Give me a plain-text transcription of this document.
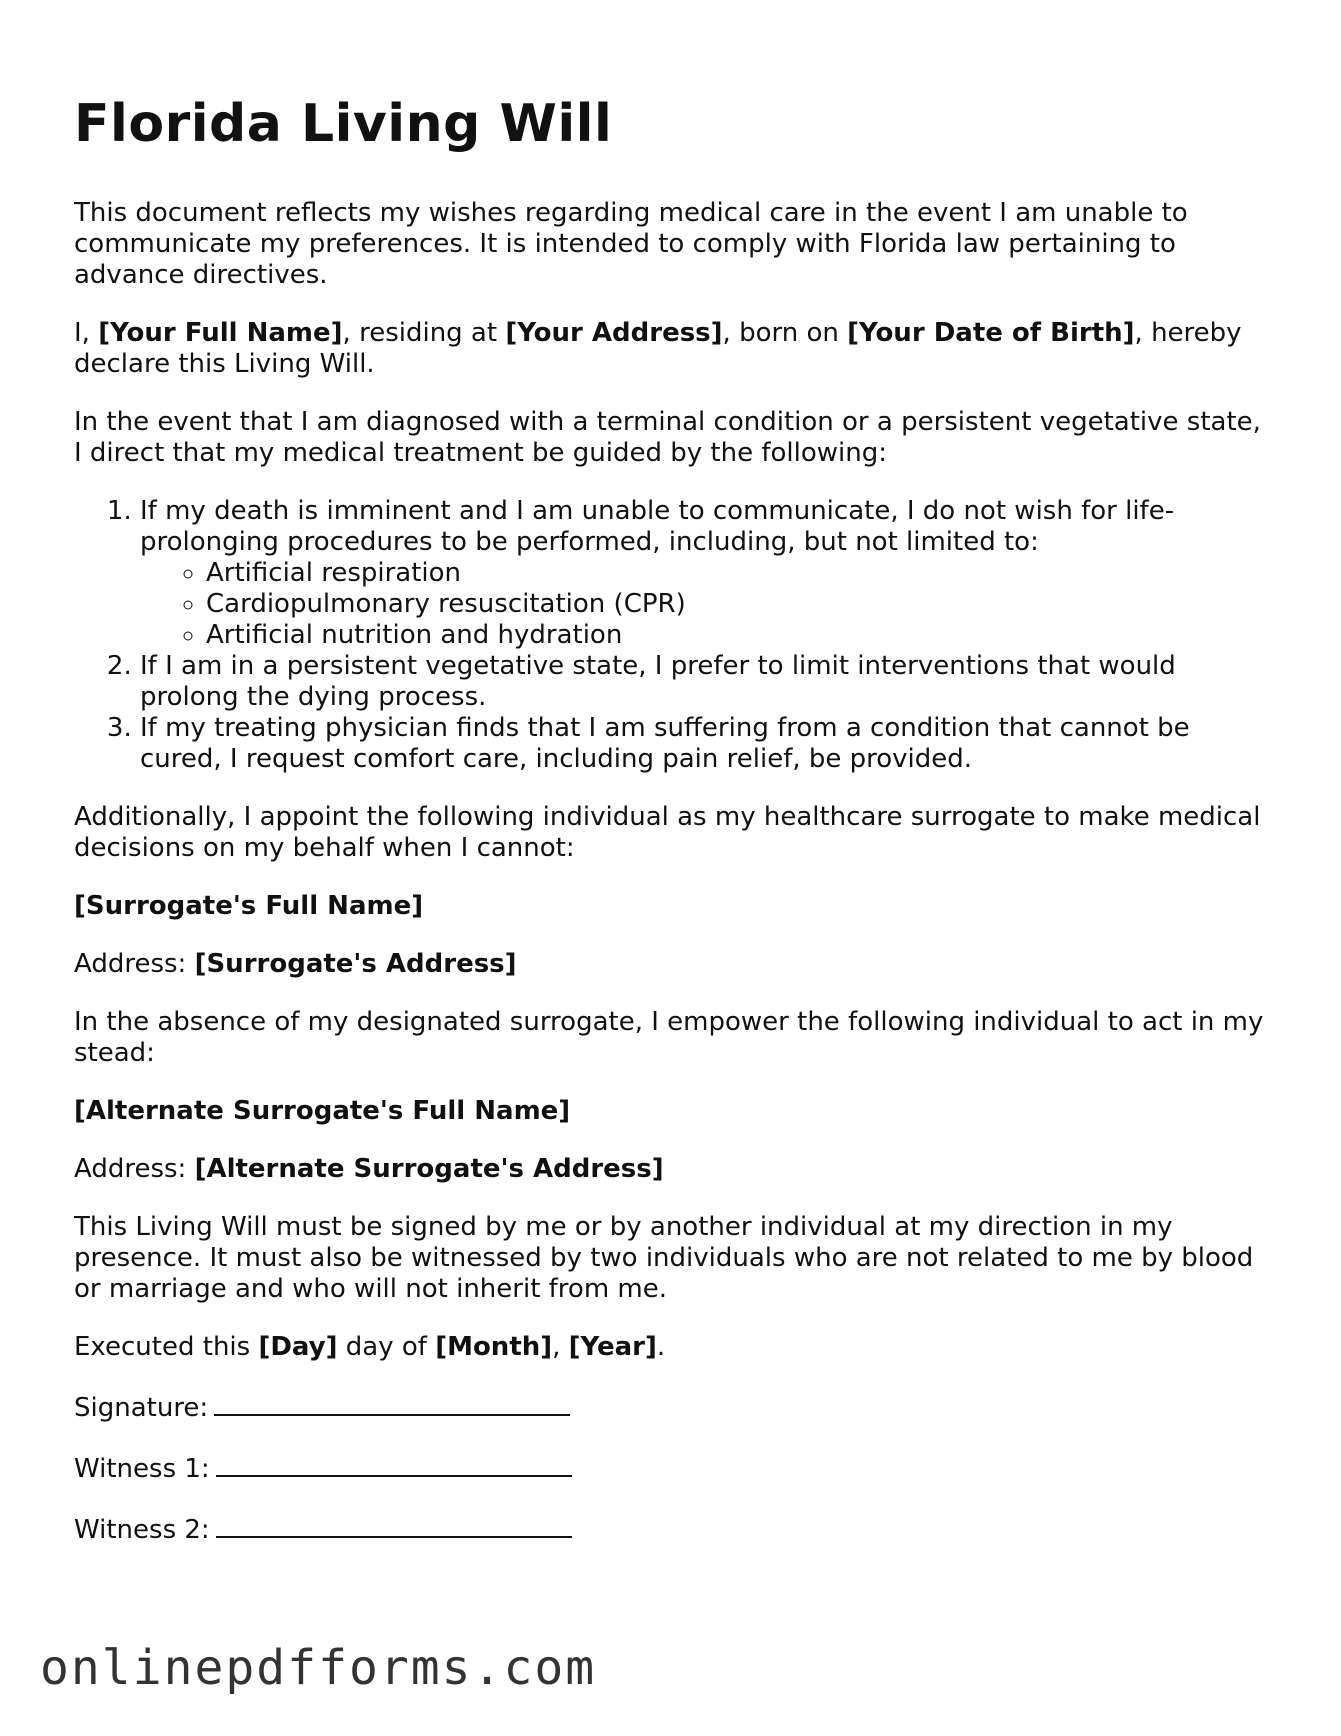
Florida Living Will

This document reflects my wishes regarding medical care in the event I am unable to communicate my preferences. It is intended to comply with Florida law pertaining to advance directives.

I, [Your Full Name], residing at [Your Address], born on [Your Date of Birth], hereby declare this Living Will.

In the event that I am diagnosed with a terminal condition or a persistent vegetative state, I direct that my medical treatment be guided by the following:

1. If my death is imminent and I am unable to communicate, I do not wish for life-prolonging procedures to be performed, including, but not limited to:
◦ Artificial respiration
◦ Cardiopulmonary resuscitation (CPR)
◦ Artificial nutrition and hydration
2. If I am in a persistent vegetative state, I prefer to limit interventions that would prolong the dying process.
3. If my treating physician finds that I am suffering from a condition that cannot be cured, I request comfort care, including pain relief, be provided.

Additionally, I appoint the following individual as my healthcare surrogate to make medical decisions on my behalf when I cannot:

[Surrogate's Full Name]

Address: [Surrogate's Address]

In the absence of my designated surrogate, I empower the following individual to act in my stead:

[Alternate Surrogate's Full Name]

Address: [Alternate Surrogate's Address]

This Living Will must be signed by me or by another individual at my direction in my presence. It must also be witnessed by two individuals who are not related to me by blood or marriage and who will not inherit from me.

Executed this [Day] day of [Month], [Year].

Signature:

Witness 1:

Witness 2:

onlinepdfforms.com
